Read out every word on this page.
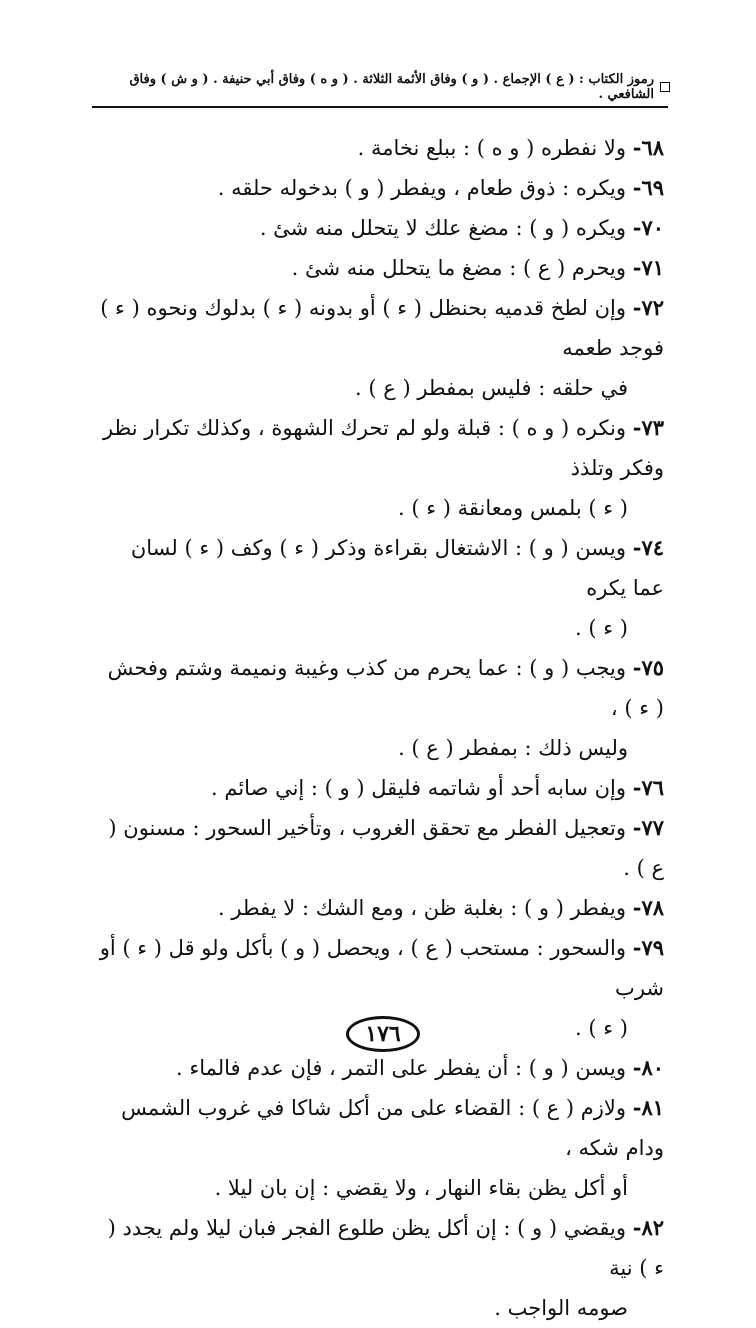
رموز الكتاب : ( ع ) الإجماع . ( و ) وفاق الأئمة الثلاثة . ( و ه ) وفاق أبي حنيفة . ( و ش ) وفاق الشافعي .
٦٨- ولا نفطره ( و ه ) : ببلع نخامة .
٦٩- ويكره : ذوق طعام ، ويفطر ( و ) بدخوله حلقه .
٧٠- ويكره ( و ) : مضغ علك لا يتحلل منه شئ .
٧١- ويحرم ( ع ) : مضغ ما يتحلل منه شئ .
٧٢- وإن لطخ قدميه بحنظل ( ء ) أو بدونه ( ء ) بدلوك ونحوه ( ء ) فوجد طعمه
في حلقه : فليس بمفطر ( ع ) .
٧٣- ونكره ( و ه ) : قبلة ولو لم تحرك الشهوة ، وكذلك تكرار نظر وفكر وتلذذ
( ء ) بلمس ومعانقة ( ء ) .
٧٤- ويسن ( و ) : الاشتغال بقراءة وذكر ( ء ) وكف ( ء ) لسان عما يكره
( ء ) .
٧٥- ويجب ( و ) : عما يحرم من كذب وغيبة ونميمة وشتم وفحش ( ء ) ،
وليس ذلك : بمفطر ( ع ) .
٧٦- وإن سابه أحد أو شاتمه فليقل ( و ) : إني صائم .
٧٧- وتعجيل الفطر مع تحقق الغروب ، وتأخير السحور : مسنون ( ع ) .
٧٨- ويفطر ( و ) : بغلبة ظن ، ومع الشك : لا يفطر .
٧٩- والسحور : مستحب ( ع ) ، ويحصل ( و ) بأكل ولو قل ( ء ) أو شرب
( ء ) .
٨٠- ويسن ( و ) : أن يفطر على التمر ، فإن عدم فالماء .
٨١- ولازم ( ع ) : القضاء على من أكل شاكا في غروب الشمس ودام شكه ،
أو أكل يظن بقاء النهار ، ولا يقضي : إن بان ليلا .
٨٢- ويقضي ( و ) : إن أكل يظن طلوع الفجر فبان ليلا ولم يجدد ( ء ) نية
صومه الواجب .
١٧٦
